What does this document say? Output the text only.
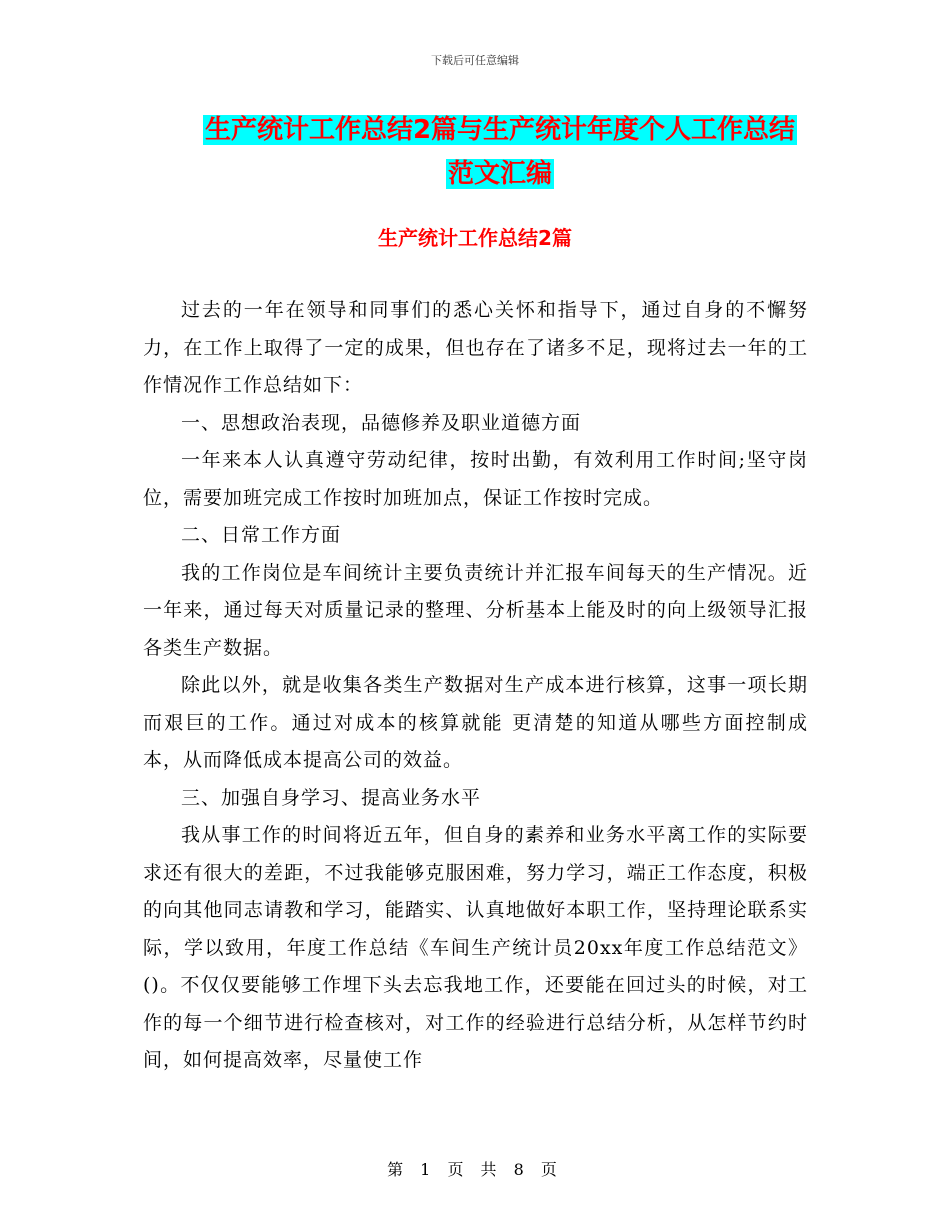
下载后可任意编辑
生产统计工作总结2篇与生产统计年度个人工作总结
范文汇编
生产统计工作总结2篇

过去的一年在领导和同事们的悉心关怀和指导下，通过自身的不懈努力，在工作上取得了一定的成果，但也存在了诸多不足，现将过去一年的工作情况作工作总结如下：

一、思想政治表现，品德修养及职业道德方面

一年来本人认真遵守劳动纪律，按时出勤，有效利用工作时间;坚守岗位，需要加班完成工作按时加班加点，保证工作按时完成。

二、日常工作方面

我的工作岗位是车间统计主要负责统计并汇报车间每天的生产情况。近一年来，通过每天对质量记录的整理、分析基本上能及时的向上级领导汇报各类生产数据。

除此以外，就是收集各类生产数据对生产成本进行核算，这事一项长期而艰巨的工作。通过对成本的核算就能 更清楚的知道从哪些方面控制成本，从而降低成本提高公司的效益。

三、加强自身学习、提高业务水平

我从事工作的时间将近五年，但自身的素养和业务水平离工作的实际要求还有很大的差距，不过我能够克服困难，努力学习，端正工作态度，积极的向其他同志请教和学习，能踏实、认真地做好本职工作，坚持理论联系实际，学以致用，年度工作总结《车间生产统计员20xx年度工作总结范文》()。不仅仅要能够工作埋下头去忘我地工作，还要能在回过头的时候，对工作的每一个细节进行检查核对，对工作的经验进行总结分析，从怎样节约时间，如何提高效率，尽量使工作

第 1 页 共 8 页
